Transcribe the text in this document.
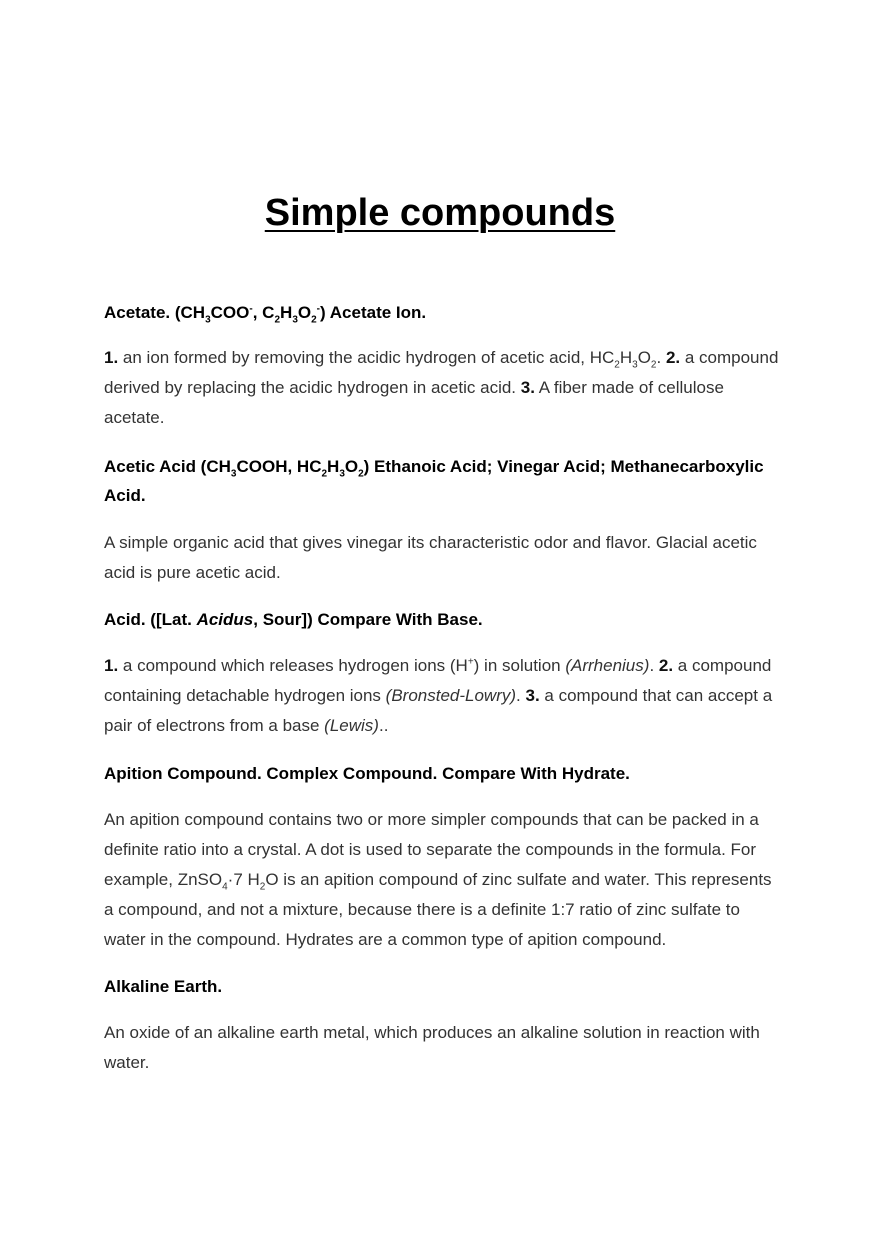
Simple compounds

Acetate. ($CH_3COO^-$, $C_2H_3O_2^-$) Acetate Ion.

1. an ion formed by removing the acidic hydrogen of acetic acid, $HC_2H_3O_2$. 2. a compound derived by replacing the acidic hydrogen in acetic acid. 3. A fiber made of cellulose acetate.

Acetic Acid ($CH_3COOH$, $HC_2H_3O_2$) Ethanoic Acid; Vinegar Acid; Methanecarboxylic Acid.

A simple organic acid that gives vinegar its characteristic odor and flavor. Glacial acetic acid is pure acetic acid.

Acid. ([Lat. Acidus, Sour]) Compare With Base.

1. a compound which releases hydrogen ions (H+) in solution (Arrhenius). 2. a compound containing detachable hydrogen ions (Bronsted-Lowry). 3. a compound that can accept a pair of electrons from a base (Lewis)..

Apition Compound. Complex Compound. Compare With Hydrate.

An apition compound contains two or more simpler compounds that can be packed in a definite ratio into a crystal. A dot is used to separate the compounds in the formula. For example, ZnSO$_4$·7 $H_2O$ is an apition compound of zinc sulfate and water. This represents a compound, and not a mixture, because there is a definite 1:7 ratio of zinc sulfate to water in the compound. Hydrates are a common type of apition compound.

Alkaline Earth.

An oxide of an alkaline earth metal, which produces an alkaline solution in reaction with water.
